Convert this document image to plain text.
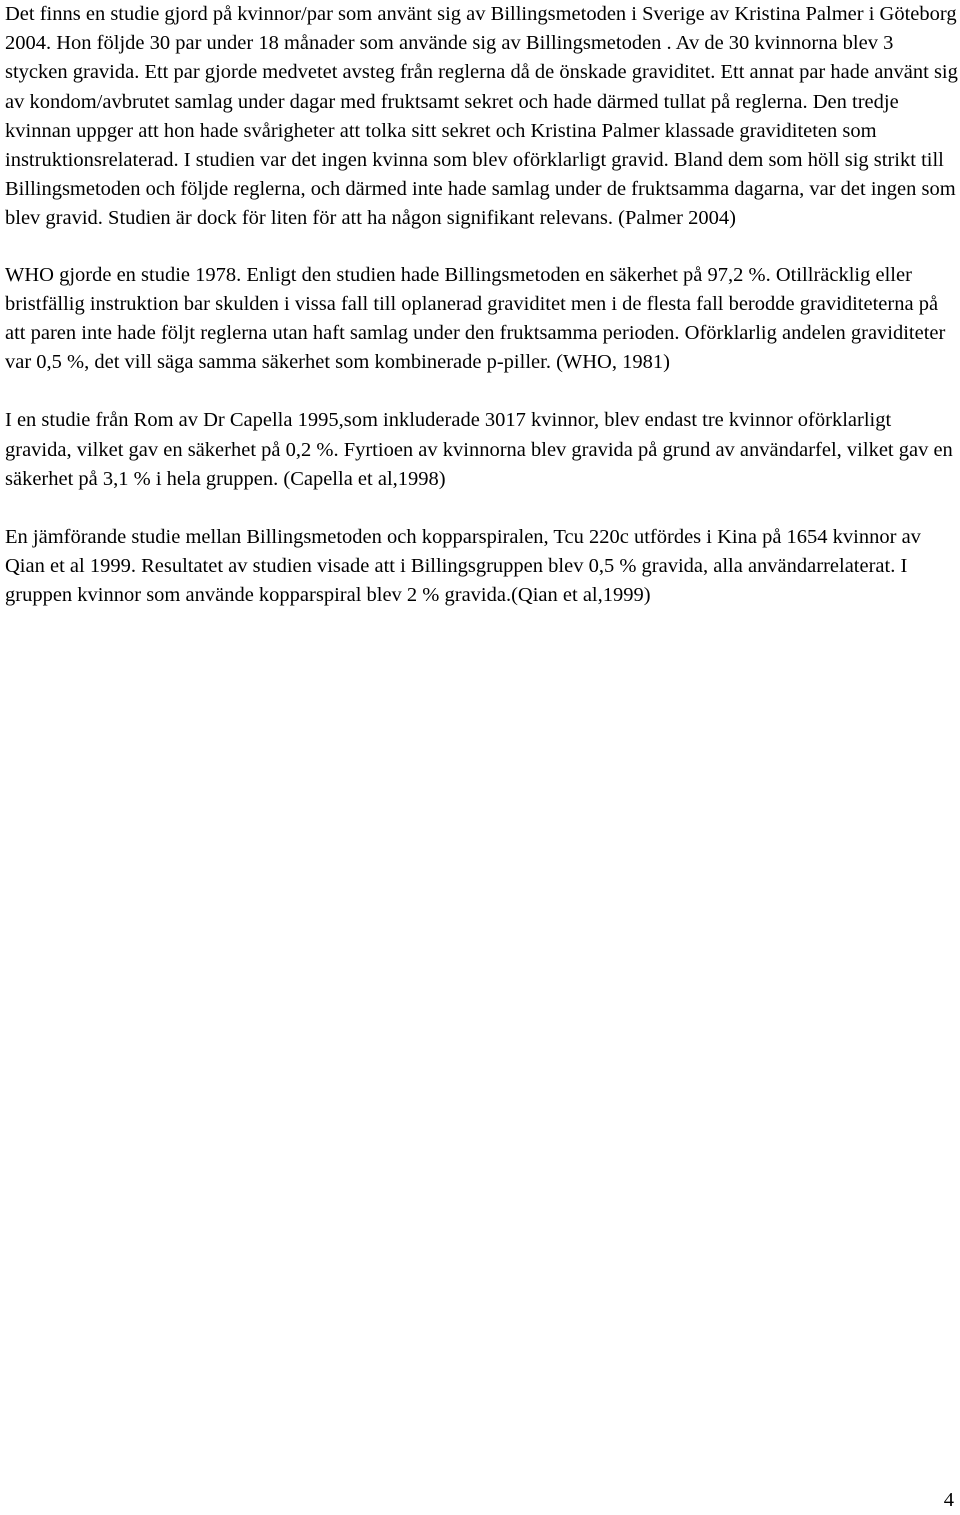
Det finns en studie gjord på kvinnor/par som använt sig av Billingsmetoden i Sverige av Kristina Palmer i Göteborg 2004. Hon följde 30 par under 18 månader som använde sig av Billingsmetoden . Av de 30 kvinnorna blev 3 stycken gravida. Ett par gjorde medvetet avsteg från reglerna då de önskade graviditet. Ett annat par hade använt sig av kondom/avbrutet samlag under dagar med fruktsamt sekret och hade därmed tullat på reglerna. Den tredje kvinnan uppger att hon hade svårigheter att tolka sitt sekret och Kristina Palmer klassade graviditeten som instruktionsrelaterad. I studien var det ingen kvinna som blev oförklarligt gravid. Bland dem som höll sig strikt till Billingsmetoden och följde reglerna, och därmed inte hade samlag under de fruktsamma dagarna, var det ingen som blev gravid. Studien är dock för liten för att ha någon signifikant relevans. (Palmer 2004)

WHO gjorde en studie 1978. Enligt den studien hade Billingsmetoden en säkerhet på 97,2 %. Otillräcklig eller bristfällig instruktion bar skulden i vissa fall till oplanerad graviditet men i de flesta fall berodde graviditeterna på att paren inte hade följt reglerna utan haft samlag under den fruktsamma perioden. Oförklarlig andelen graviditeter var 0,5 %, det vill säga samma säkerhet som kombinerade p-piller. (WHO, 1981)

I en studie från Rom av Dr Capella 1995,som inkluderade 3017 kvinnor, blev endast tre kvinnor oförklarligt gravida, vilket gav en säkerhet på 0,2 %. Fyrtioen av kvinnorna blev gravida på grund av användarfel, vilket gav en säkerhet på 3,1 % i hela gruppen. (Capella et al,1998)

En jämförande studie mellan Billingsmetoden och kopparspiralen, Tcu 220c utfördes i Kina på 1654 kvinnor av Qian et al 1999. Resultatet av studien visade att i Billingsgruppen blev 0,5 % gravida, alla användarrelaterat. I gruppen kvinnor som använde kopparspiral blev 2 % gravida.(Qian et al,1999)

4
